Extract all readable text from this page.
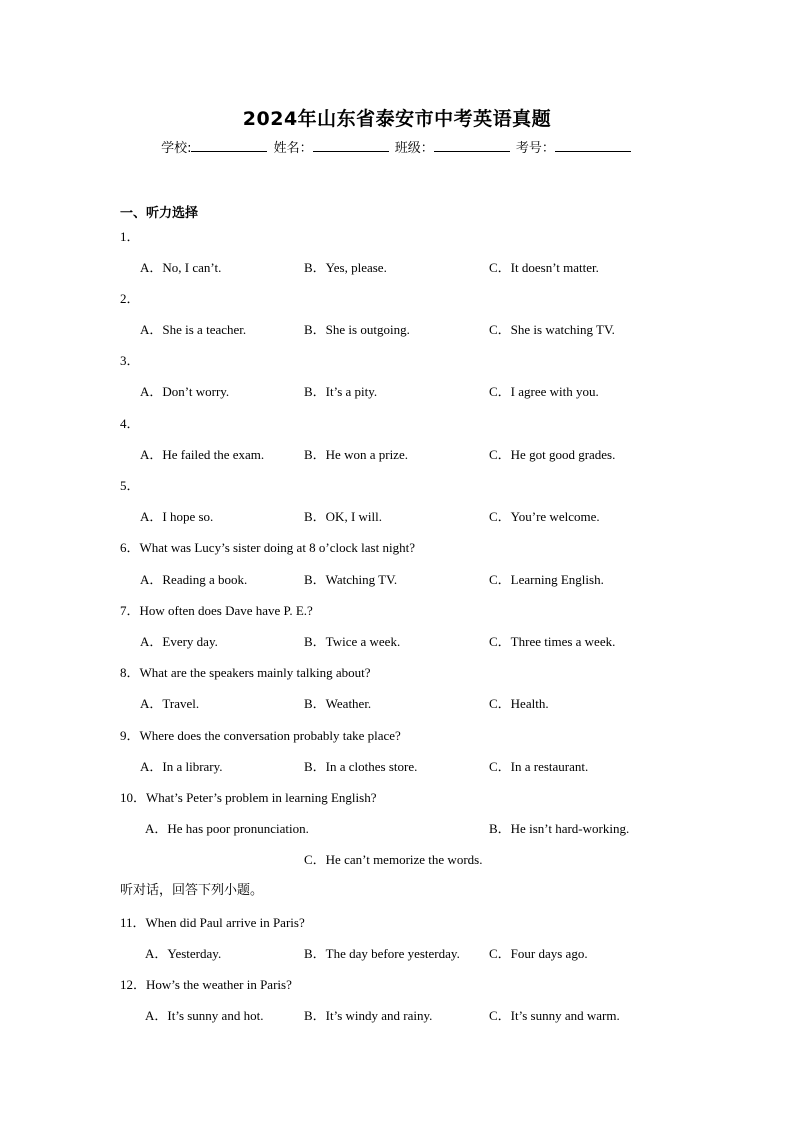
2024年山东省泰安市中考英语真题
学校:	姓名：	班级：	考号：
一、听力选择
1．
A．No, I can’t.	B．Yes, please.	C．It doesn’t matter.
2．
A．She is a teacher.	B．She is outgoing.	C．She is watching TV.
3．
A．Don’t worry.	B．It’s a pity.	C．I agree with you.
4．
A．He failed the exam.	B．He won a prize.	C．He got good grades.
5．
A．I hope so.	B．OK, I will.	C．You’re welcome.
6．What was Lucy’s sister doing at 8 o’clock last night?
A．Reading a book.	B．Watching TV.	C．Learning English.
7．How often does Dave have P. E.?
A．Every day.	B．Twice a week.	C．Three times a week.
8．What are the speakers mainly talking about?
A．Travel.	B．Weather.	C．Health.
9．Where does the conversation probably take place?
A．In a library.	B．In a clothes store.	C．In a restaurant.
10．What’s Peter’s problem in learning English?
A．He has poor pronunciation.	B．He isn’t hard-working.
C．He can’t memorize the words.
听对话，回答下列小题。
11．When did Paul arrive in Paris?
A．Yesterday.	B．The day before yesterday. C．Four days ago.
12．How’s the weather in Paris?
A．It’s sunny and hot.	B．It’s windy and rainy.	C．It’s sunny and warm.
